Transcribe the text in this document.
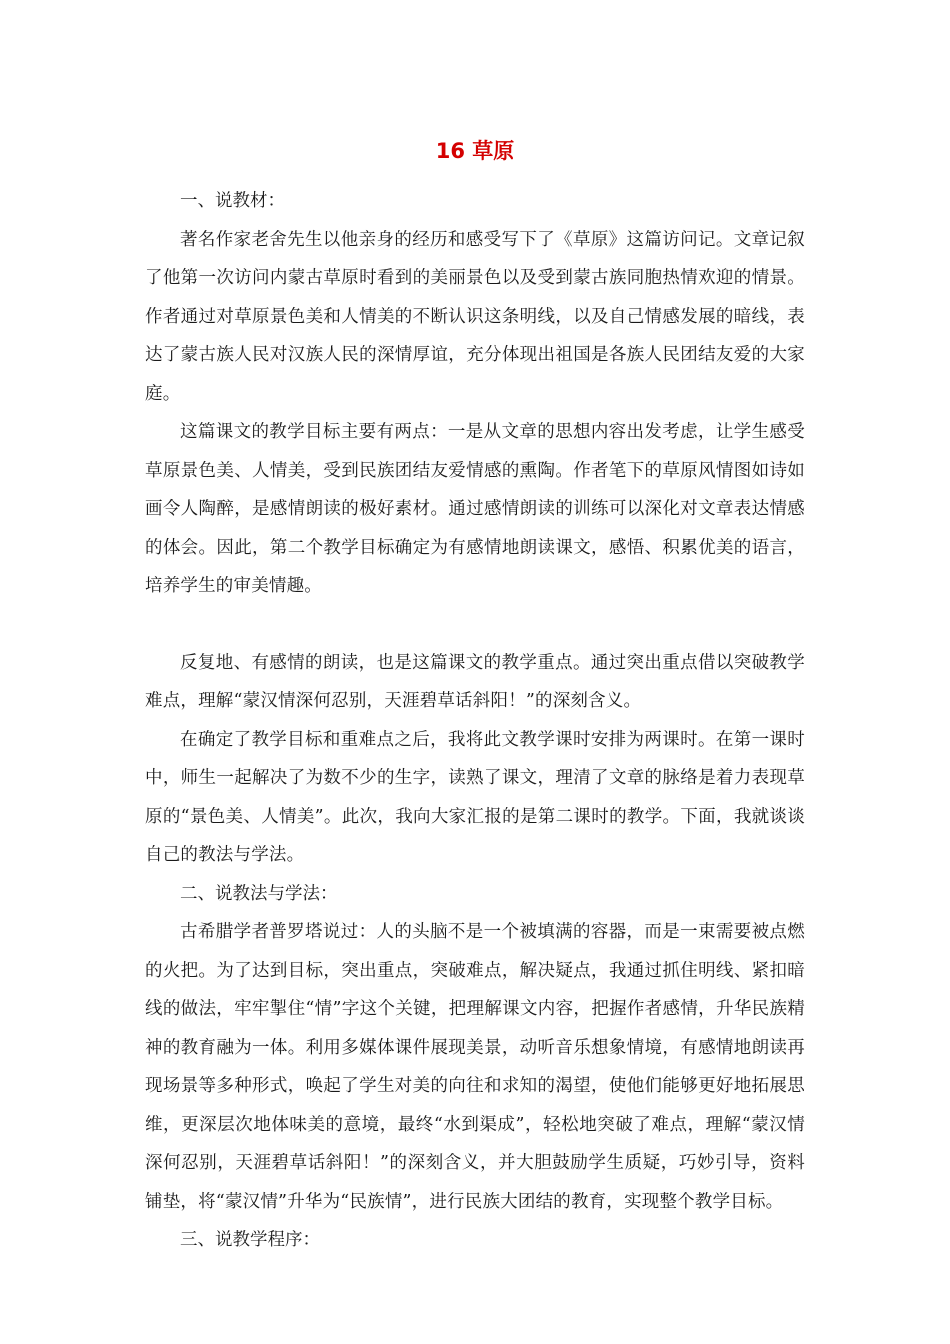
16 草原

一、说教材：

著名作家老舍先生以他亲身的经历和感受写下了《草原》这篇访问记。文章记叙了他第一次访问内蒙古草原时看到的美丽景色以及受到蒙古族同胞热情欢迎的情景。作者通过对草原景色美和人情美的不断认识这条明线，以及自己情感发展的暗线，表达了蒙古族人民对汉族人民的深情厚谊，充分体现出祖国是各族人民团结友爱的大家庭。

这篇课文的教学目标主要有两点：一是从文章的思想内容出发考虑，让学生感受草原景色美、人情美，受到民族团结友爱情感的熏陶。作者笔下的草原风情图如诗如画令人陶醉，是感情朗读的极好素材。通过感情朗读的训练可以深化对文章表达情感的体会。因此，第二个教学目标确定为有感情地朗读课文，感悟、积累优美的语言，培养学生的审美情趣。

反复地、有感情的朗读，也是这篇课文的教学重点。通过突出重点借以突破教学难点，理解“蒙汉情深何忍别，天涯碧草话斜阳！”的深刻含义。

在确定了教学目标和重难点之后，我将此文教学课时安排为两课时。在第一课时中，师生一起解决了为数不少的生字，读熟了课文，理清了文章的脉络是着力表现草原的“景色美、人情美”。此次，我向大家汇报的是第二课时的教学。下面，我就谈谈自己的教法与学法。

二、说教法与学法：

古希腊学者普罗塔说过：人的头脑不是一个被填满的容器，而是一束需要被点燃的火把。为了达到目标，突出重点，突破难点，解决疑点，我通过抓住明线、紧扣暗线的做法，牢牢掣住“情”字这个关键，把理解课文内容，把握作者感情，升华民族精神的教育融为一体。利用多媒体课件展现美景，动听音乐想象情境，有感情地朗读再现场景等多种形式，唤起了学生对美的向往和求知的渴望，使他们能够更好地拓展思维，更深层次地体味美的意境，最终“水到渠成”，轻松地突破了难点，理解“蒙汉情深何忍别，天涯碧草话斜阳！”的深刻含义，并大胆鼓励学生质疑，巧妙引导，资料铺垫，将“蒙汉情”升华为“民族情”，进行民族大团结的教育，实现整个教学目标。

三、说教学程序：
